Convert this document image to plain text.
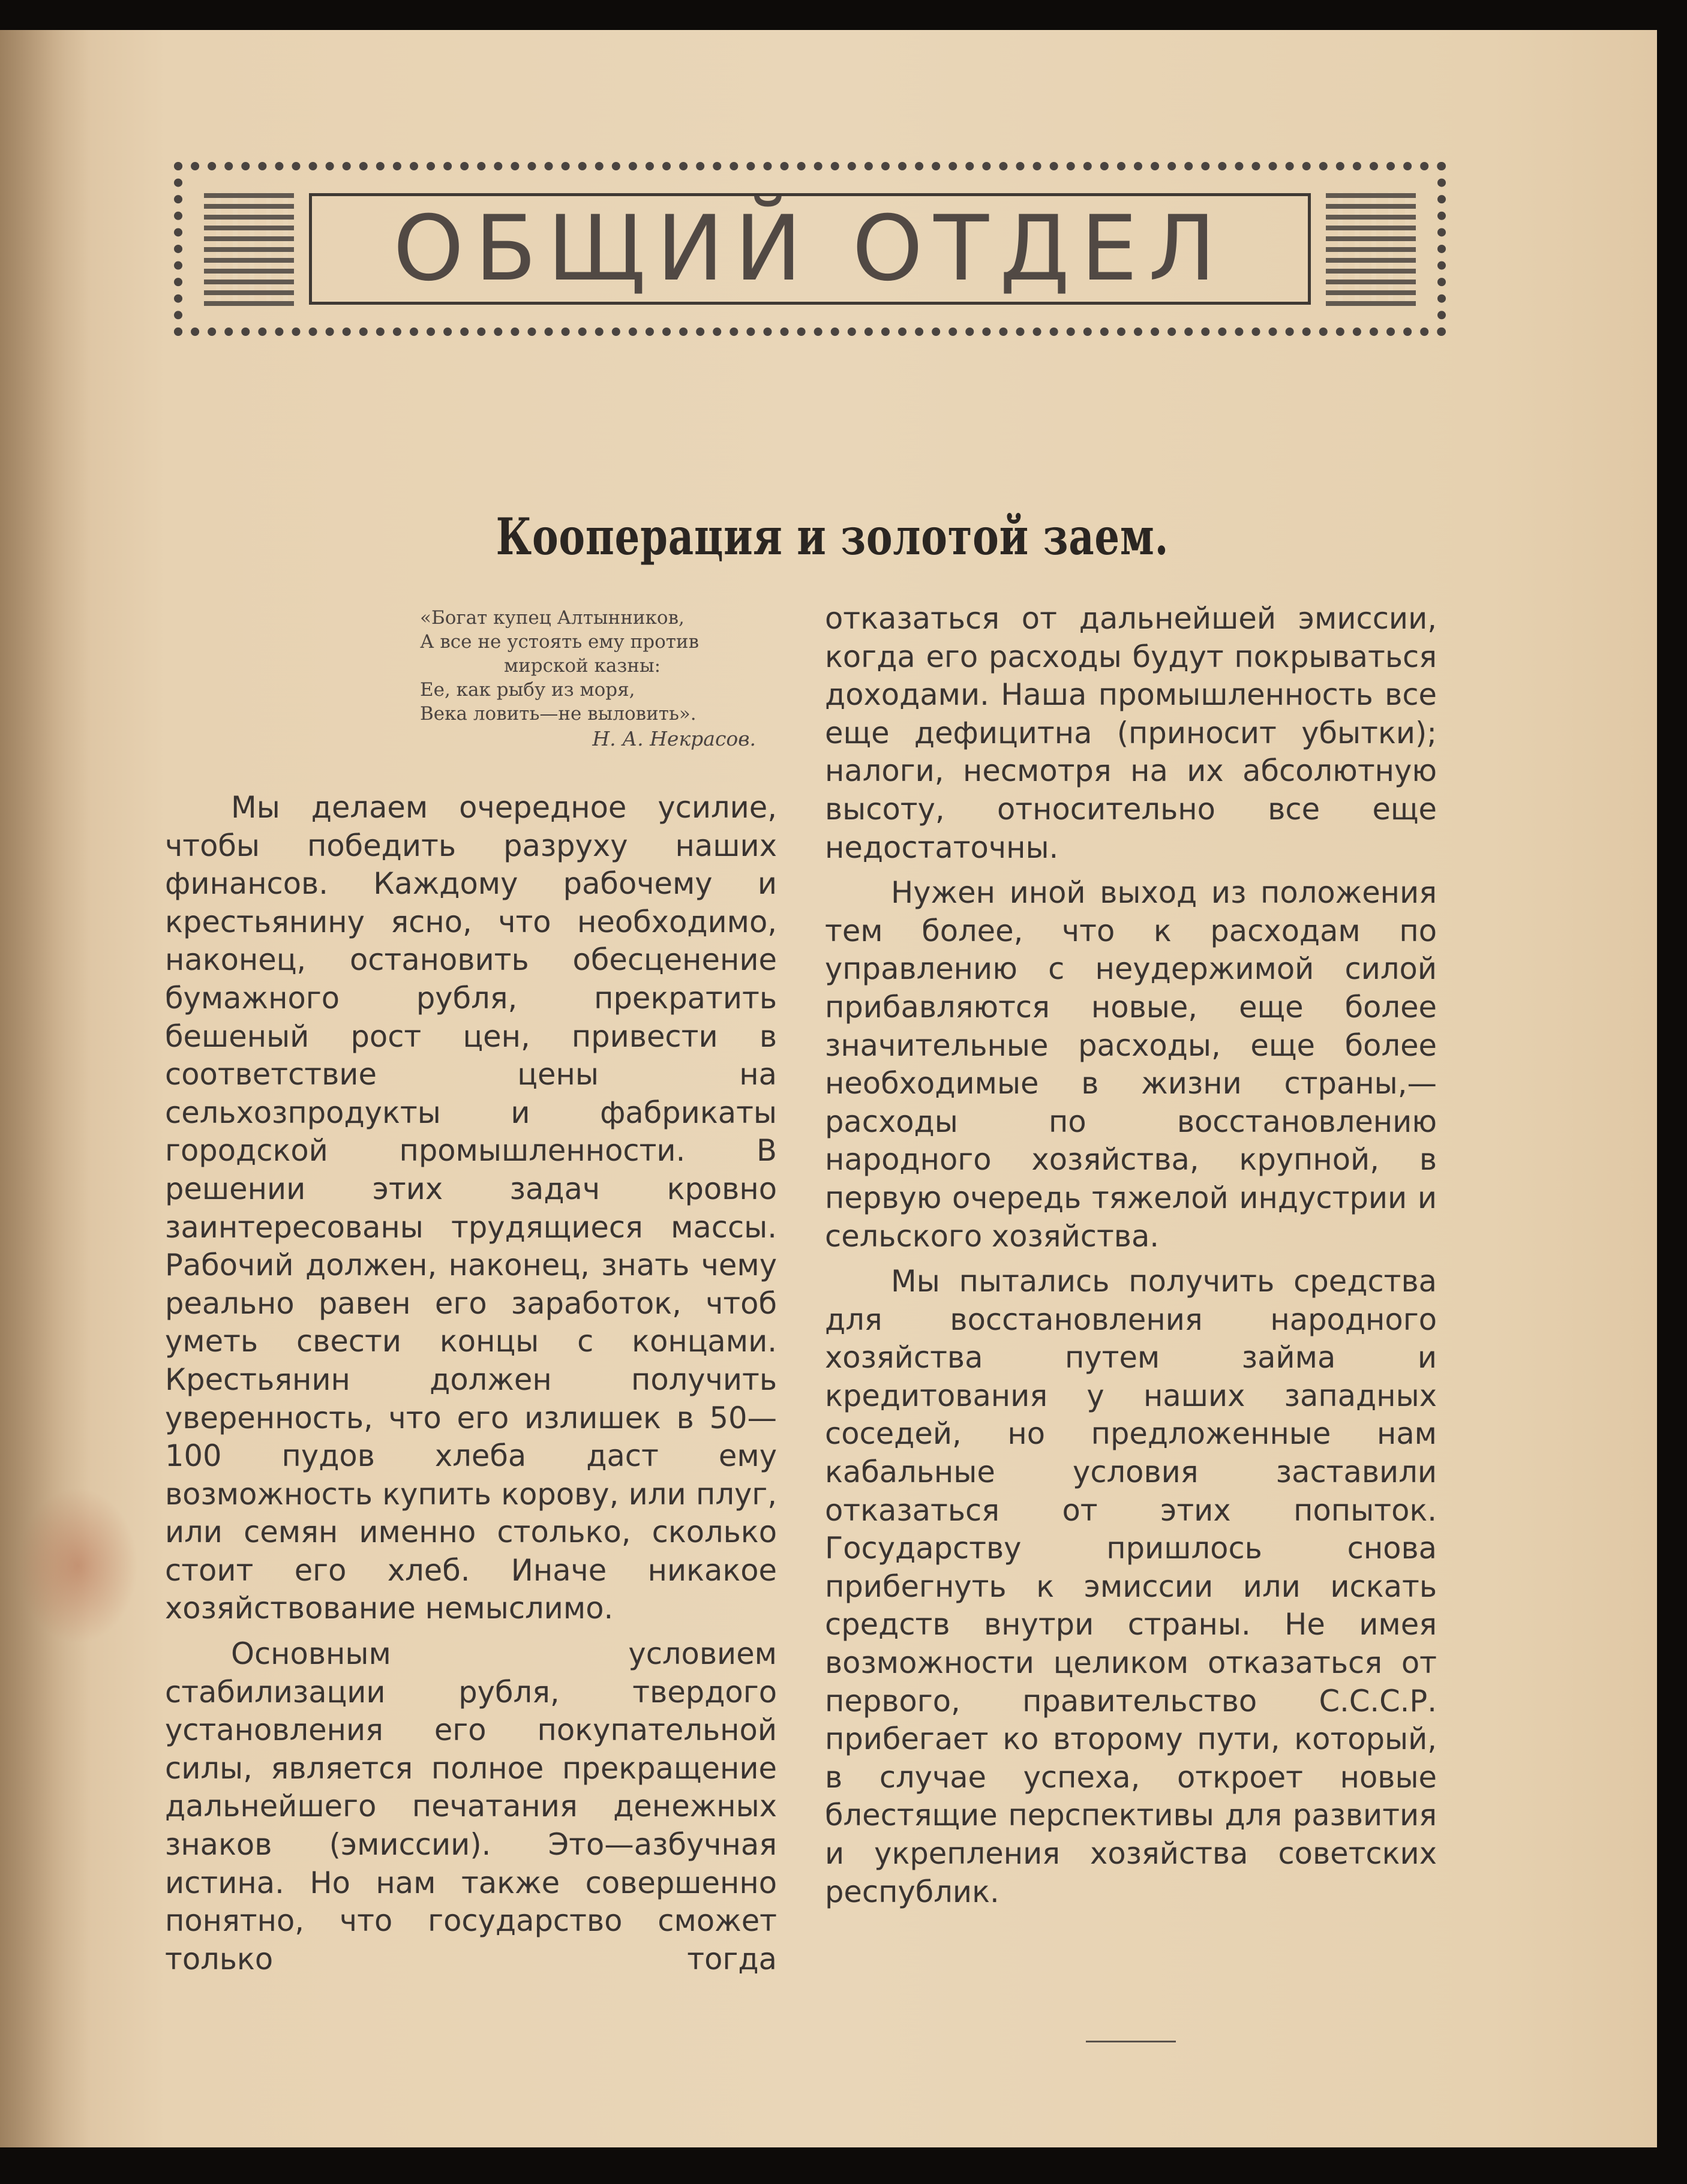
ОБЩИЙ ОТДЕЛ
Кооперация и золотой заем.
«Богат купец Алтынников,
А все не устоять ему против
мирской казны:
Ее, как рыбу из моря,
Века ловить—не выловить».
Н. А. Некрасов.
Мы делаем очередное усилие, чтобы победить разруху наших финансов. Каждому рабочему и крестьянину ясно, что необходимо, наконец, остановить обесценение бумажного рубля, прекратить бешеный рост цен, привести в соответствие цены на сельхозпродукты и фабрикаты городской промышленности. В решении этих задач кровно заинтересованы трудящиеся массы. Рабочий должен, наконец, знать чему реально равен его заработок, чтоб уметь свести концы с концами. Крестьянин должен получить уверенность, что его излишек в 50—100 пудов хлеба даст ему возможность купить корову, или плуг, или семян именно столько, сколько стоит его хлеб. Иначе никакое хозяйствование немыслимо.
Основным условием стабилизации рубля, твердого установления его покупательной силы, является полное прекращение дальнейшего печатания денежных знаков (эмиссии). Это—азбучная истина. Но нам также совершенно понятно, что государство сможет только тогда
отказаться от дальнейшей эмиссии, когда его расходы будут покрываться доходами. Наша промышленность все еще дефицитна (приносит убытки); налоги, несмотря на их абсолютную высоту, относительно все еще недостаточны.
Нужен иной выход из положения тем более, что к расходам по управлению с неудержимой силой прибавляются новые, еще более значительные расходы, еще более необходимые в жизни страны,—расходы по восстановлению народного хозяйства, крупной, в первую очередь тяжелой индустрии и сельского хозяйства.
Мы пытались получить средства для восстановления народного хозяйства путем займа и кредитования у наших западных соседей, но предложенные нам кабальные условия заставили отказаться от этих попыток. Государству пришлось снова прибегнуть к эмиссии или искать средств внутри страны. Не имея возможности целиком отказаться от первого, правительство С.С.С.Р. прибегает ко второму пути, который, в случае успеха, откроет новые блестящие перспективы для развития и укрепления хозяйства советских республик.
